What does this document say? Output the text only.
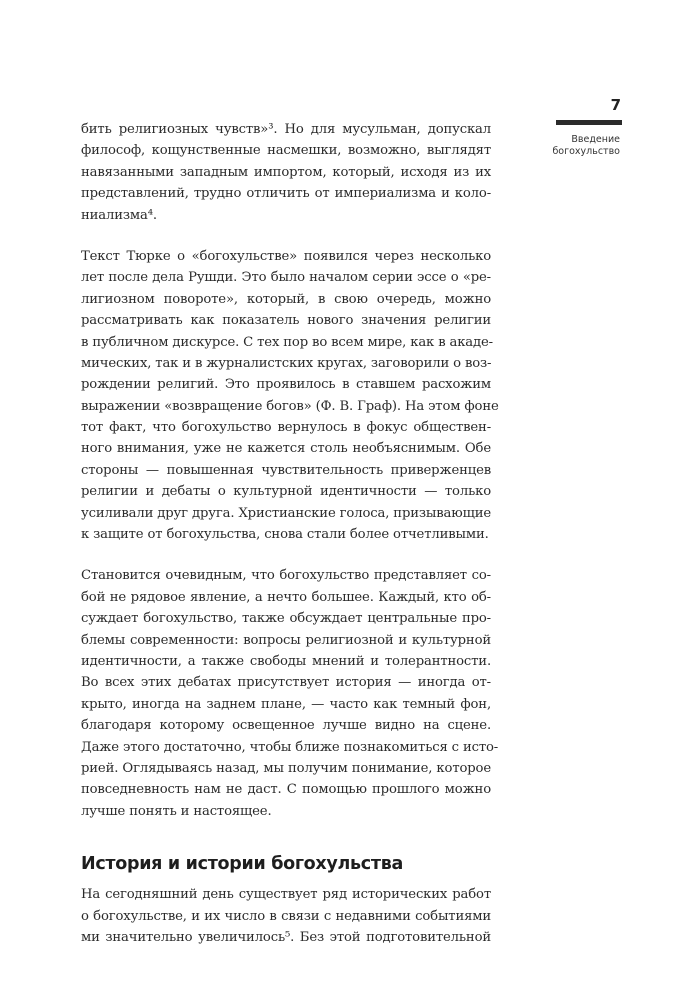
7
Введение
богохульство

бить религиозных чувств»³. Но для мусульман, допускал
философ, кощунственные насмешки, возможно, выглядят
навязанными западным импортом, который, исходя из их
представлений, трудно отличить от империализма и коло-
ниализма⁴.

Текст Тюрке о «богохульстве» появился через несколько
лет после дела Рушди. Это было началом серии эссе о «ре-
лигиозном повороте», который, в свою очередь, можно
рассматривать как показатель нового значения религии
в публичном дискурсе. С тех пор во всем мире, как в акаде-
мических, так и в журналистских кругах, заговорили о воз-
рождении религий. Это проявилось в ставшем расхожим
выражении «возвращение богов» (Ф. В. Граф). На этом фоне
тот факт, что богохульство вернулось в фокус обществен-
ного внимания, уже не кажется столь необъяснимым. Обе
стороны — повышенная чувствительность приверженцев
религии и дебаты о культурной идентичности — только
усиливали друг друга. Христианские голоса, призывающие
к защите от богохульства, снова стали более отчетливыми.

Становится очевидным, что богохульство представляет со-
бой не рядовое явление, а нечто большее. Каждый, кто об-
суждает богохульство, также обсуждает центральные про-
блемы современности: вопросы религиозной и культурной
идентичности, а также свободы мнений и толерантности.
Во всех этих дебатах присутствует история — иногда от-
крыто, иногда на заднем плане, — часто как темный фон,
благодаря которому освещенное лучше видно на сцене.
Даже этого достаточно, чтобы ближе познакомиться с исто-
рией. Оглядываясь назад, мы получим понимание, которое
повседневность нам не даст. С помощью прошлого можно
лучше понять и настоящее.

История и истории богохульства

На сегодняшний день существует ряд исторических работ
о богохульстве, и их число в связи с недавними событиями
ми значительно увеличилось⁵. Без этой подготовительной
